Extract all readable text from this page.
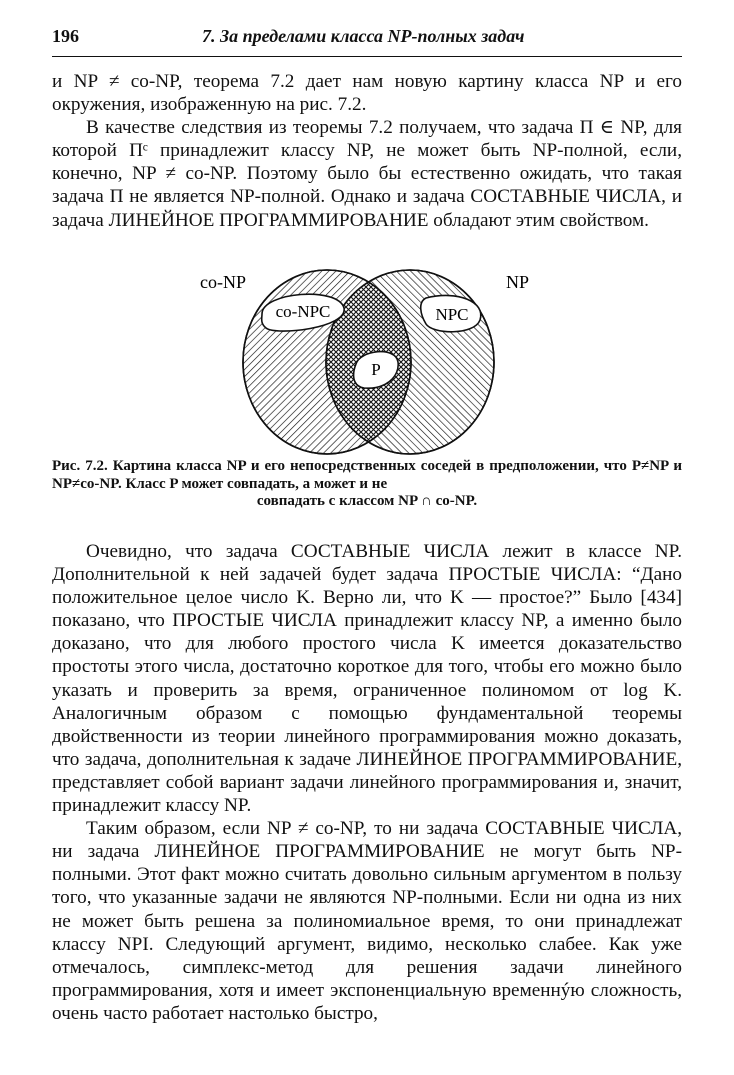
196	7. За пределами класса NP-полных задач

и NP ≠ co-NP, теорема 7.2 дает нам новую картину класса NP и его окружения, изображенную на рис. 7.2.

В качестве следствия из теоремы 7.2 получаем, что задача Π ∈ NP, для которой Πᶜ принадлежит классу NP, не может быть NP-полной, если, конечно, NP ≠ co-NP. Поэтому было бы естественно ожидать, что такая задача Π не является NP-полной. Однако и задача СОСТАВНЫЕ ЧИСЛА, и задача ЛИНЕЙНОЕ ПРОГРАММИРОВАНИЕ обладают этим свойством.

co-NP	NP
co-NPC	NPC
P
Рис. 7.2. Картина класса NP и его непосредственных соседей в предположении, что P≠NP и NP≠co-NP. Класс P может совпадать, а может и не
совпадать с классом NP ∩ co-NP.

Очевидно, что задача СОСТАВНЫЕ ЧИСЛА лежит в классе NP. Дополнительной к ней задачей будет задача ПРОСТЫЕ ЧИСЛА: “Дано положительное целое число K. Верно ли, что K — простое?” Было [434] показано, что ПРОСТЫЕ ЧИСЛА принадлежит классу NP, а именно было доказано, что для любого простого числа K имеется доказательство простоты этого числа, достаточно короткое для того, чтобы его можно было указать и проверить за время, ограниченное полиномом от log K. Аналогичным образом с помощью фундаментальной теоремы двойственности из теории линейного программирования можно доказать, что задача, дополнительная к задаче ЛИНЕЙНОЕ ПРОГРАММИРОВАНИЕ, представляет собой вариант задачи линейного программирования и, значит, принадлежит классу NP.

Таким образом, если NP ≠ co-NP, то ни задача СОСТАВНЫЕ ЧИСЛА, ни задача ЛИНЕЙНОЕ ПРОГРАММИРОВАНИЕ не могут быть NP-полными. Этот факт можно считать довольно сильным аргументом в пользу того, что указанные задачи не являются NP-полными. Если ни одна из них не может быть решена за полиномиальное время, то они принадлежат классу NPI. Следующий аргумент, видимо, несколько слабее. Как уже отмечалось, симплекс-метод для решения задачи линейного программирования, хотя и имеет экспоненциальную временнýю сложность, очень часто работает настолько быстро,
